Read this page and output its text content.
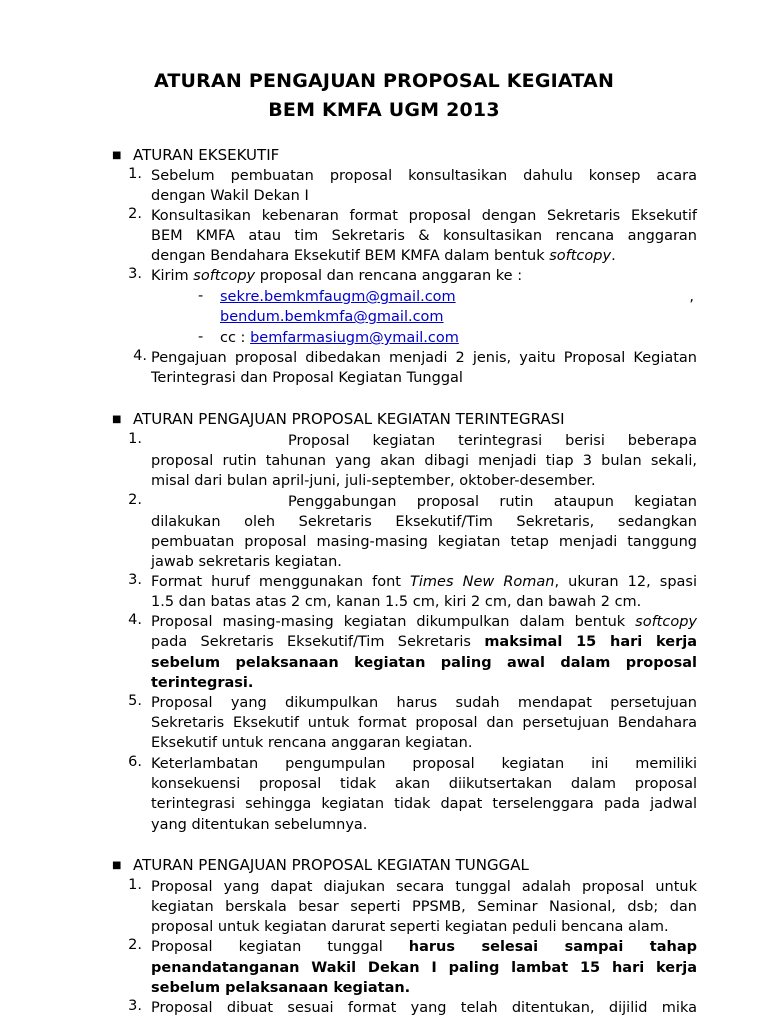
ATURAN PENGAJUAN PROPOSAL KEGIATAN
BEM KMFA UGM 2013
■ ATURAN EKSEKUTIF
1. Sebelum pembuatan proposal konsultasikan dahulu konsep acara
dengan Wakil Dekan I
2. Konsultasikan kebenaran format proposal dengan Sekretaris Eksekutif
BEM KMFA atau tim Sekretaris & konsultasikan rencana anggaran
dengan Bendahara Eksekutif BEM KMFA dalam bentuk softcopy.
3. Kirim softcopy proposal dan rencana anggaran ke :
- sekre.bemkmfaugm@gmail.com	,
bendum.bemkmfa@gmail.com
- cc : bemfarmasiugm@ymail.com
4. Pengajuan proposal dibedakan menjadi 2 jenis, yaitu Proposal Kegiatan
Terintegrasi dan Proposal Kegiatan Tunggal
■ ATURAN PENGAJUAN PROPOSAL KEGIATAN TERINTEGRASI
1.	Proposal kegiatan terintegrasi berisi beberapa
proposal rutin tahunan yang akan dibagi menjadi tiap 3 bulan sekali,
misal dari bulan april-juni, juli-september, oktober-desember.
2.	Penggabungan proposal rutin ataupun kegiatan
dilakukan oleh Sekretaris Eksekutif/Tim Sekretaris, sedangkan
pembuatan proposal masing-masing kegiatan tetap menjadi tanggung
jawab sekretaris kegiatan.
3. Format huruf menggunakan font Times New Roman, ukuran 12, spasi
1.5 dan batas atas 2 cm, kanan 1.5 cm, kiri 2 cm, dan bawah 2 cm.
4. Proposal masing-masing kegiatan dikumpulkan dalam bentuk softcopy
pada Sekretaris Eksekutif/Tim Sekretaris maksimal 15 hari kerja
sebelum pelaksanaan kegiatan paling awal dalam proposal
terintegrasi.
5. Proposal yang dikumpulkan harus sudah mendapat persetujuan
Sekretaris Eksekutif untuk format proposal dan persetujuan Bendahara
Eksekutif untuk rencana anggaran kegiatan.
6. Keterlambatan pengumpulan proposal kegiatan ini memiliki
konsekuensi proposal tidak akan diikutsertakan dalam proposal
terintegrasi sehingga kegiatan tidak dapat terselenggara pada jadwal
yang ditentukan sebelumnya.
■ ATURAN PENGAJUAN PROPOSAL KEGIATAN TUNGGAL
1. Proposal yang dapat diajukan secara tunggal adalah proposal untuk
kegiatan berskala besar seperti PPSMB, Seminar Nasional, dsb; dan
proposal untuk kegiatan darurat seperti kegiatan peduli bencana alam.
2. Proposal kegiatan tunggal harus selesai sampai tahap
penandatanganan Wakil Dekan I paling lambat 15 hari kerja
sebelum pelaksanaan kegiatan.
3. Proposal dibuat sesuai format yang telah ditentukan, dijilid mika
